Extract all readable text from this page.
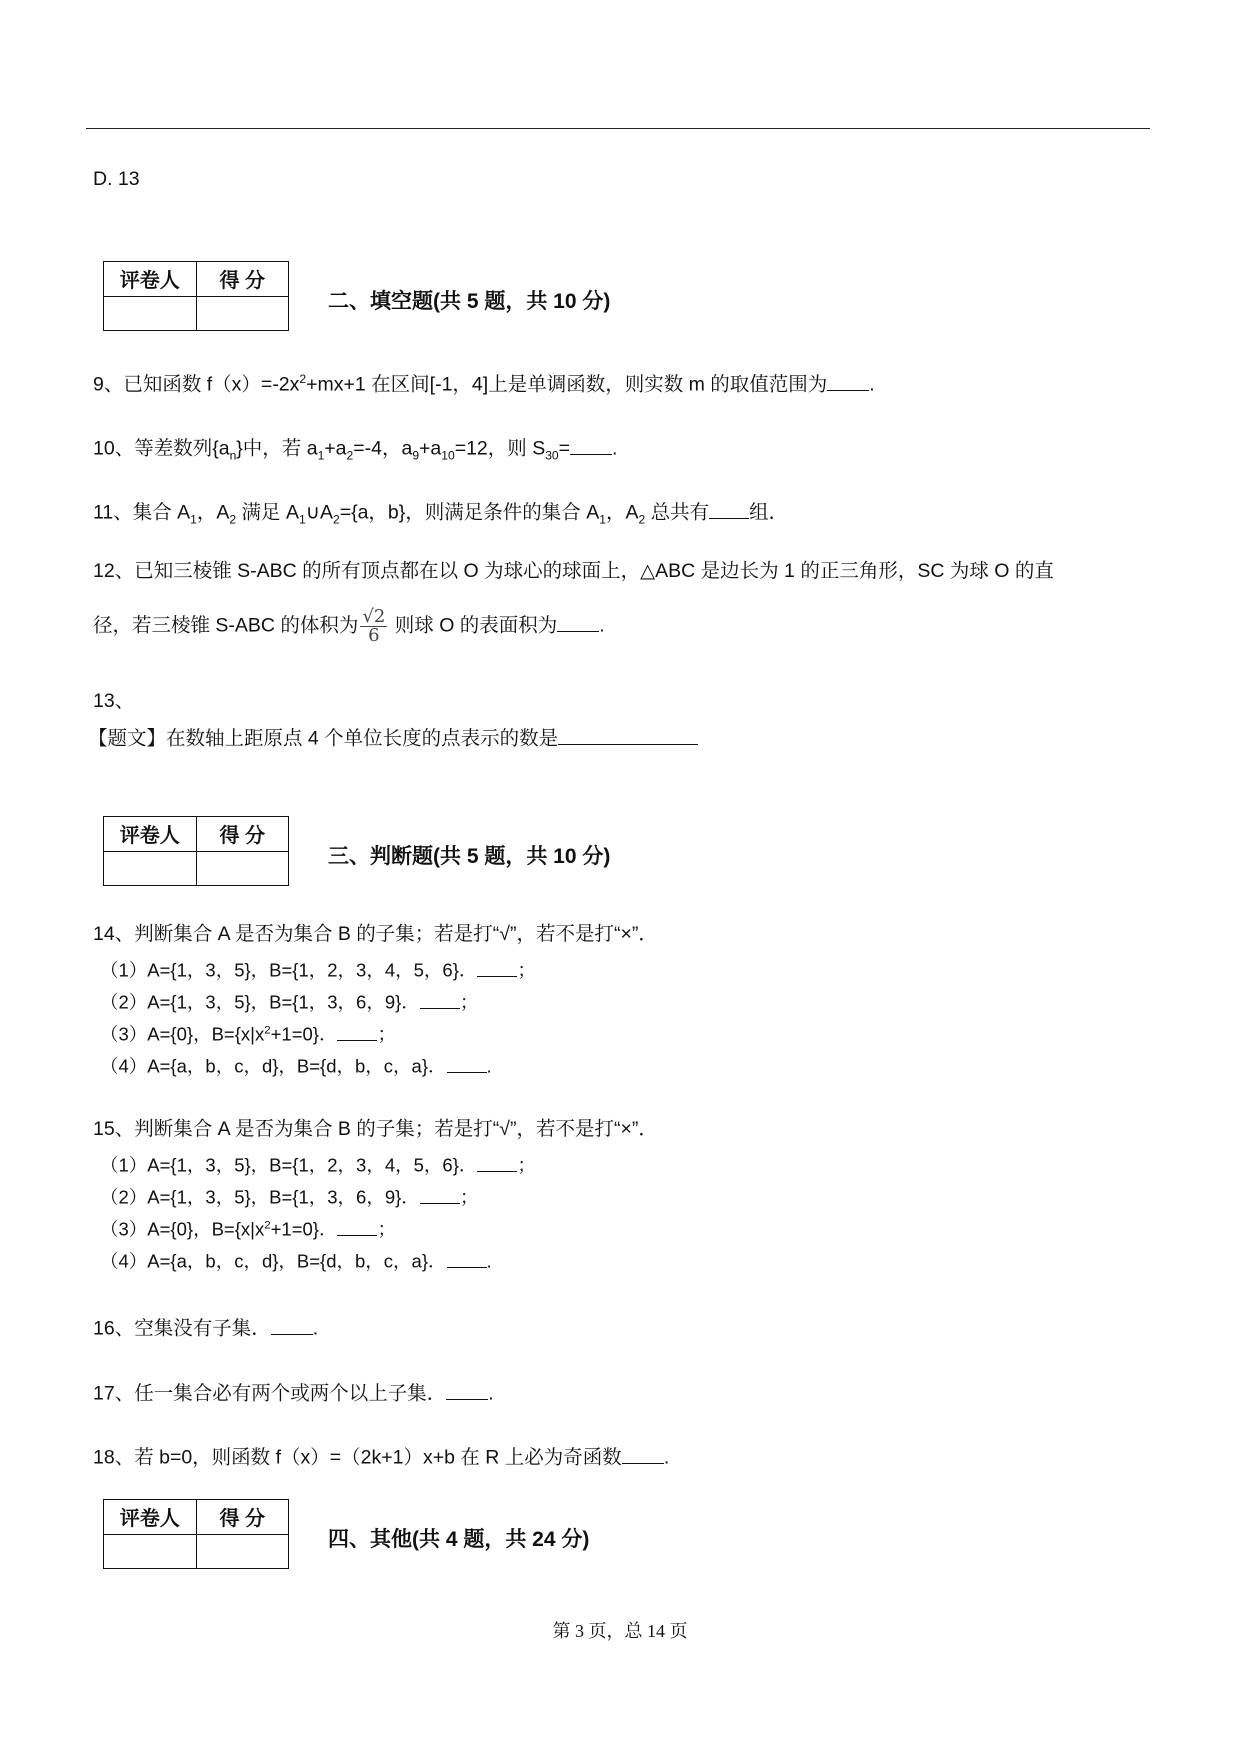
D. 13
评卷人	得 分

二、填空题(共 5 题，共 10 分)
9、已知函数 $f(x)=-2x^2+mx+1$ 在区间[-1，4]上是单调函数，则实数 m 的取值范围为 .
10、等差数列$\{a_n\}$中，若 $a_1+a_2=-4$，$a_9+a_{10}=12$，则 $S_{30}=$ .
11、集合 $A_1$，$A_2$ 满足 $A_1\cup A_2=\{a$，b}，则满足条件的集合 $A_1$，$A_2$ 总共有 组．
12、已知三棱锥 S-ABC 的所有顶点都在以 O 为球心的球面上，△ABC 是边长为 1 的正三角形，SC 为球 O 的直
径，若三棱锥 S-ABC 的体积为 $\frac{√2}{6}$ 则球 O 的表面积为 .
13、
【题文】在数轴上距原点 4 个单位长度的点表示的数是
评卷人	得 分

三、判断题(共 5 题，共 10 分)
14、判断集合 A 是否为集合 B 的子集；若是打“√”，若不是打“×”．
（1）A={1，3，5}，B={1，2，3，4，5，6}． ；
（2）A={1，3，5}，B={1，3，6，9}． ；
（3）A={0}，$B=\{x|x^2+1=0\}$． ；
（4）A={a，b，c，d}，B={d，b，c，a}． .
15、判断集合 A 是否为集合 B 的子集；若是打“√”，若不是打“×”．
（1）A={1，3，5}，B={1，2，3，4，5，6}． ；
（2）A={1，3，5}，B={1，3，6，9}． ；
（3）A={0}，$B=\{x|x^2+1=0\}$． ；
（4）A={a，b，c，d}，B={d，b，c，a}． .
16、空集没有子集． .
17、任一集合必有两个或两个以上子集． .
18、若 b=0，则函数 f（x）=（2k+1）x+b 在 R 上必为奇函数 .
评卷人	得 分

四、其他(共 4 题，共 24 分)
第 3 页，总 14 页
